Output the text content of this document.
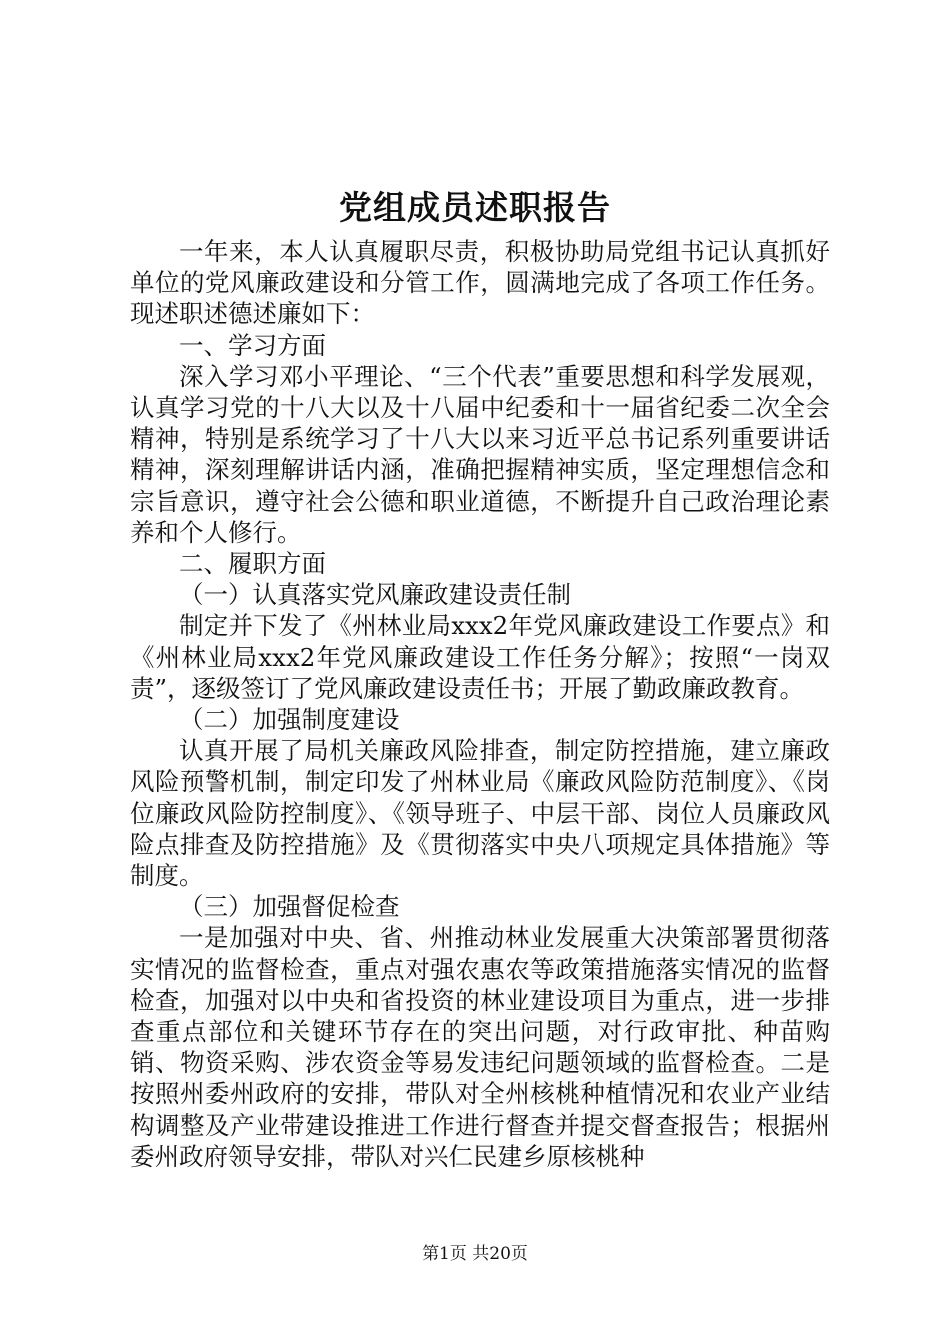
党组成员述职报告

一年来，本人认真履职尽责，积极协助局党组书记认真抓好单位的党风廉政建设和分管工作，圆满地完成了各项工作任务。现述职述德述廉如下：

一、学习方面

深入学习邓小平理论、“三个代表”重要思想和科学发展观，认真学习党的十八大以及十八届中纪委和十一届省纪委二次全会精神，特别是系统学习了十八大以来习近平总书记系列重要讲话精神，深刻理解讲话内涵，准确把握精神实质，坚定理想信念和宗旨意识，遵守社会公德和职业道德，不断提升自己政治理论素养和个人修行。

二、履职方面

（一）认真落实党风廉政建设责任制

制定并下发了《州林业局xxx2年党风廉政建设工作要点》和《州林业局xxx2年党风廉政建设工作任务分解》；按照“一岗双责”，逐级签订了党风廉政建设责任书；开展了勤政廉政教育。

（二）加强制度建设

认真开展了局机关廉政风险排查，制定防控措施，建立廉政风险预警机制，制定印发了州林业局《廉政风险防范制度》、《岗位廉政风险防控制度》、《领导班子、中层干部、岗位人员廉政风险点排查及防控措施》及《贯彻落实中央八项规定具体措施》等制度。

（三）加强督促检查

一是加强对中央、省、州推动林业发展重大决策部署贯彻落实情况的监督检查，重点对强农惠农等政策措施落实情况的监督检查，加强对以中央和省投资的林业建设项目为重点，进一步排查重点部位和关键环节存在的突出问题，对行政审批、种苗购销、物资采购、涉农资金等易发违纪问题领域的监督检查。二是按照州委州政府的安排，带队对全州核桃种植情况和农业产业结构调整及产业带建设推进工作进行督查并提交督查报告；根据州委州政府领导安排，带队对兴仁民建乡原核桃种

第1页 共20页
